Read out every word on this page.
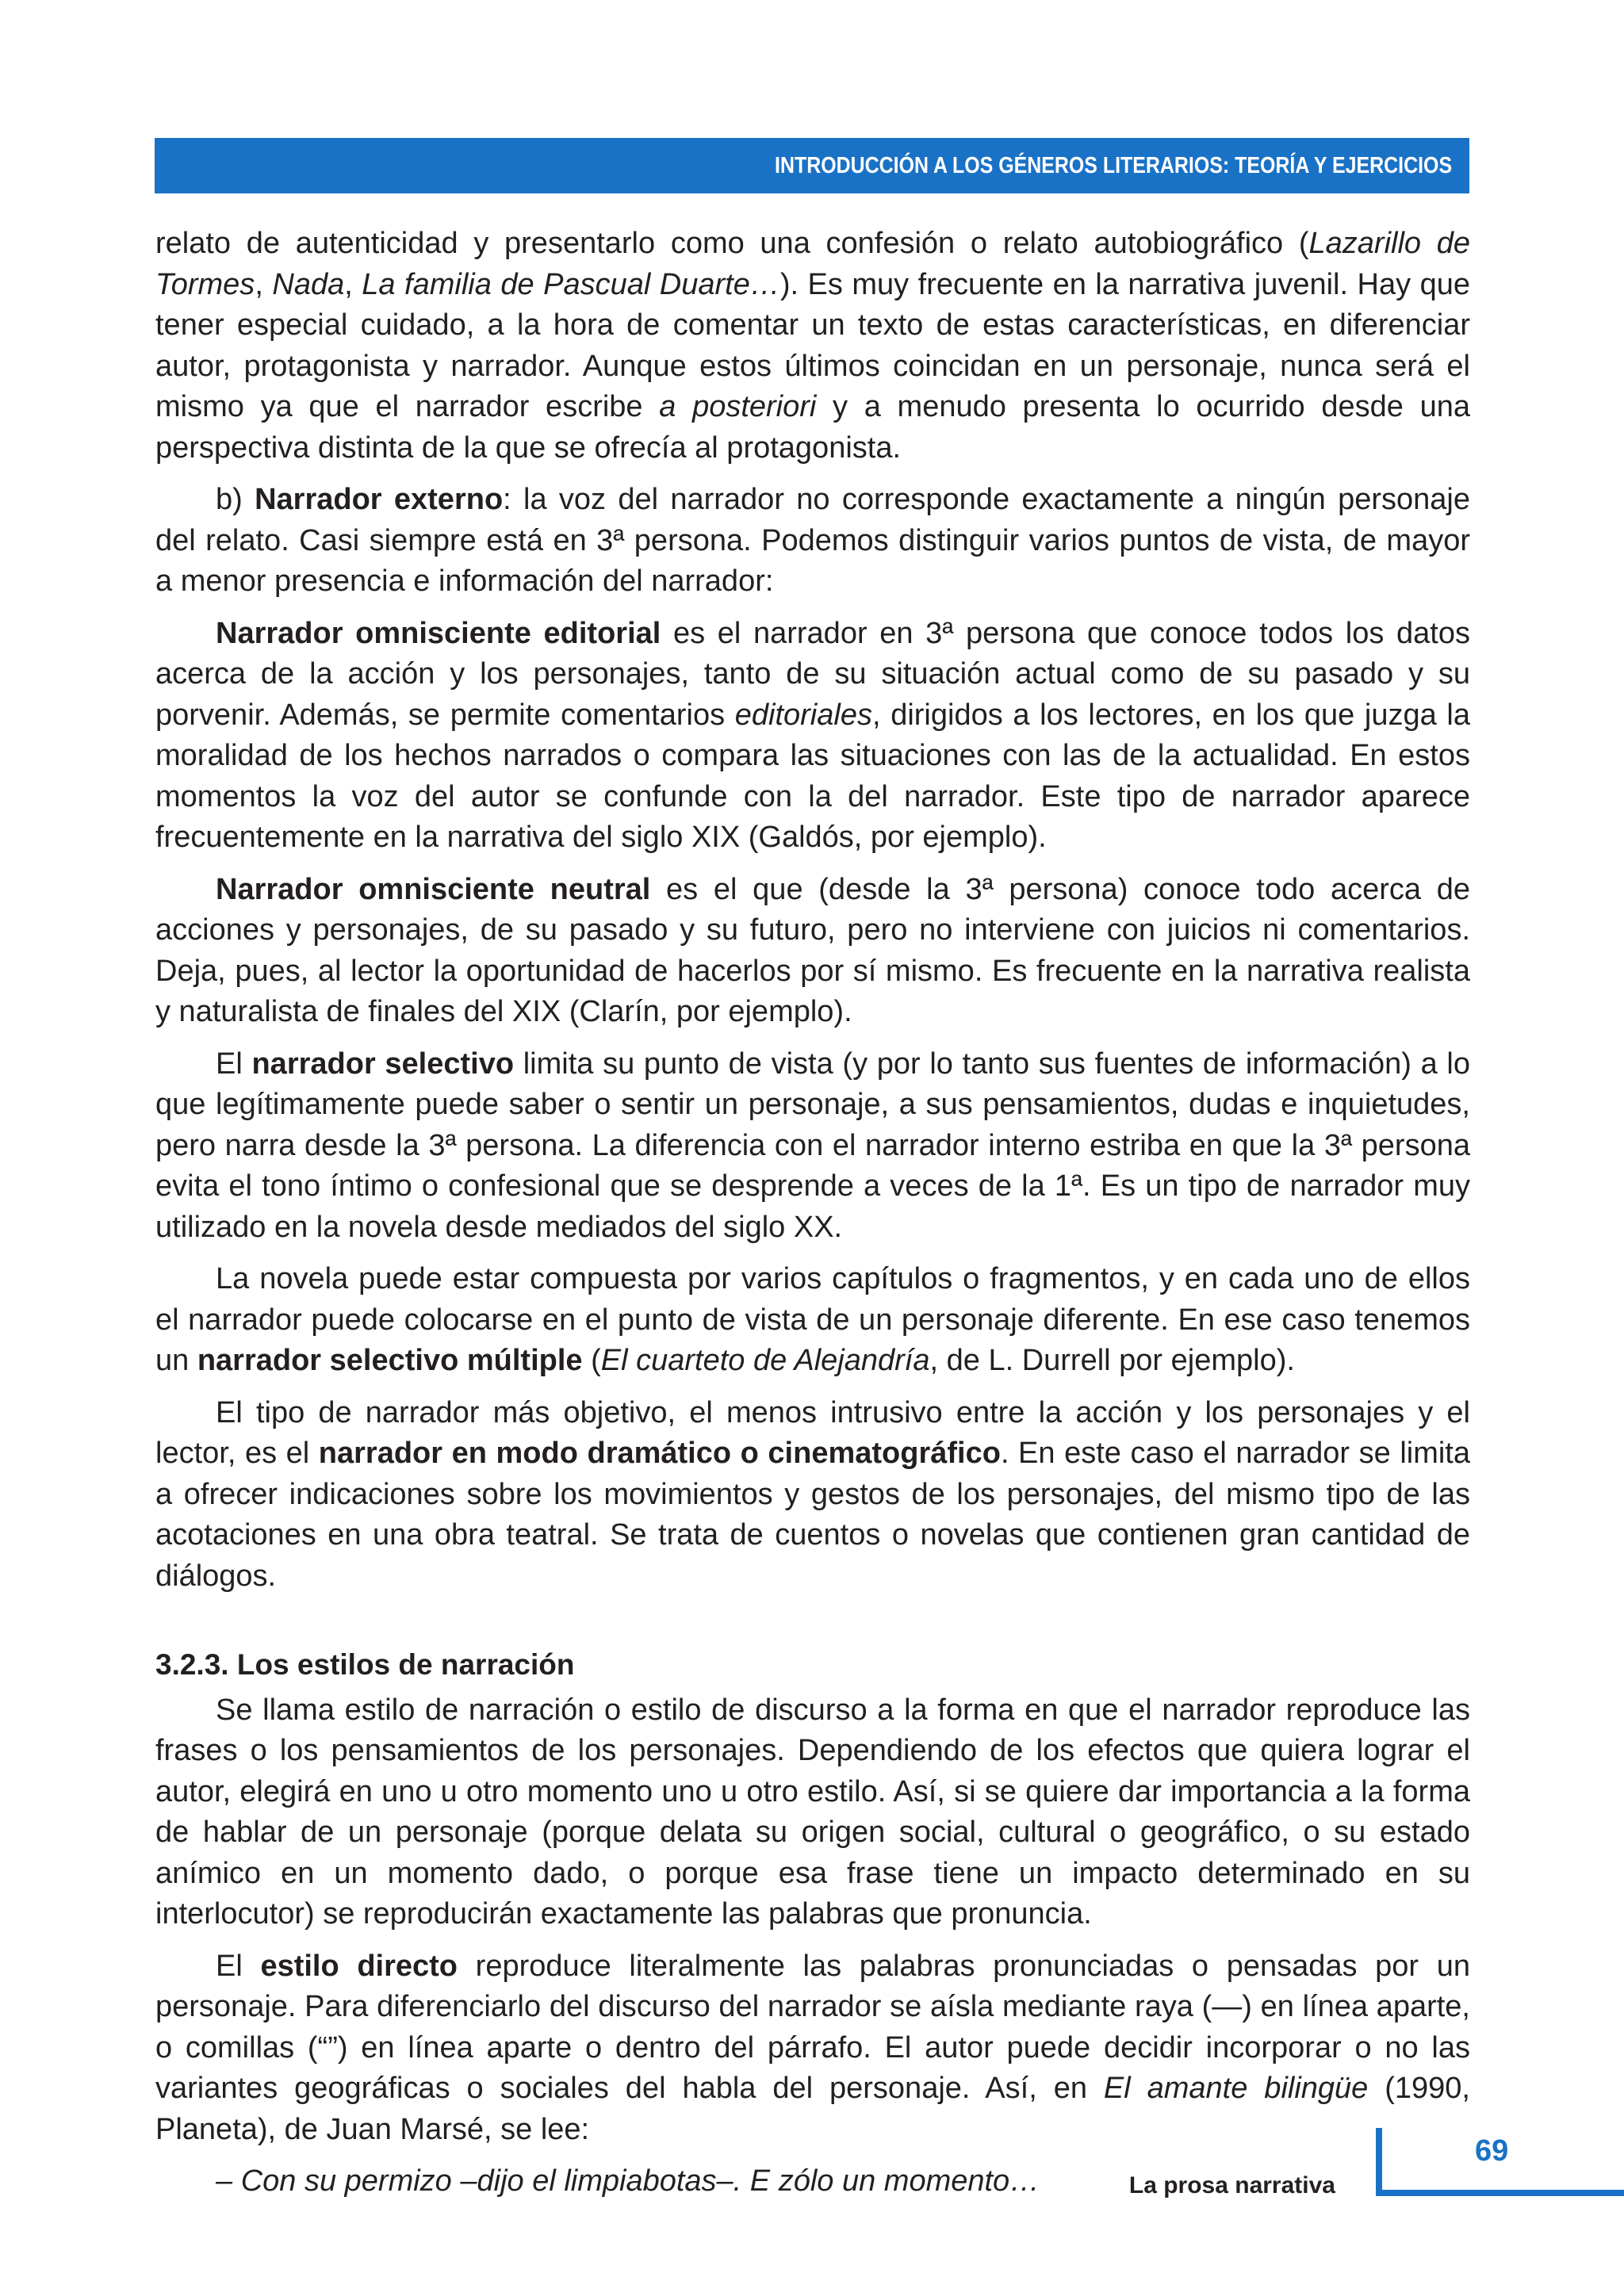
INTRODUCCIÓN A LOS GÉNEROS LITERARIOS: TEORÍA Y EJERCICIOS

relato de autenticidad y presentarlo como una confesión o relato autobiográfico (Lazarillo de Tormes, Nada, La familia de Pascual Duarte…). Es muy frecuente en la narrativa juvenil. Hay que tener especial cuidado, a la hora de comentar un texto de estas características, en diferenciar autor, protagonista y narrador. Aunque estos últimos coincidan en un personaje, nunca será el mismo ya que el narrador escribe a posteriori y a menudo presenta lo ocurrido desde una perspectiva distinta de la que se ofrecía al protagonista.

b) Narrador externo: la voz del narrador no corresponde exactamente a ningún personaje del relato. Casi siempre está en 3ª persona. Podemos distinguir varios puntos de vista, de mayor a menor presencia e información del narrador:

Narrador omnisciente editorial es el narrador en 3ª persona que conoce todos los datos acerca de la acción y los personajes, tanto de su situación actual como de su pasado y su porvenir. Además, se permite comentarios editoriales, dirigidos a los lectores, en los que juzga la moralidad de los hechos narrados o compara las situaciones con las de la actualidad. En estos momentos la voz del autor se confunde con la del narrador. Este tipo de narrador aparece frecuentemente en la narrativa del siglo XIX (Galdós, por ejemplo).

Narrador omnisciente neutral es el que (desde la 3ª persona) conoce todo acerca de acciones y personajes, de su pasado y su futuro, pero no interviene con juicios ni comentarios. Deja, pues, al lector la oportunidad de hacerlos por sí mismo. Es frecuente en la narrativa realista y naturalista de finales del XIX (Clarín, por ejemplo).

El narrador selectivo limita su punto de vista (y por lo tanto sus fuentes de información) a lo que legítimamente puede saber o sentir un personaje, a sus pensamientos, dudas e inquietudes, pero narra desde la 3ª persona. La diferencia con el narrador interno estriba en que la 3ª persona evita el tono íntimo o confesional que se desprende a veces de la 1ª. Es un tipo de narrador muy utilizado en la novela desde mediados del siglo XX.

La novela puede estar compuesta por varios capítulos o fragmentos, y en cada uno de ellos el narrador puede colocarse en el punto de vista de un personaje diferente. En ese caso tenemos un narrador selectivo múltiple (El cuarteto de Alejandría, de L. Durrell por ejemplo).

El tipo de narrador más objetivo, el menos intrusivo entre la acción y los personajes y el lector, es el narrador en modo dramático o cinematográfico. En este caso el narrador se limita a ofrecer indicaciones sobre los movimientos y gestos de los personajes, del mismo tipo de las acotaciones en una obra teatral. Se trata de cuentos o novelas que contienen gran cantidad de diálogos.

3.2.3. Los estilos de narración

Se llama estilo de narración o estilo de discurso a la forma en que el narrador reproduce las frases o los pensamientos de los personajes. Dependiendo de los efectos que quiera lograr el autor, elegirá en uno u otro momento uno u otro estilo. Así, si se quiere dar importancia a la forma de hablar de un personaje (porque delata su origen social, cultural o geográfico, o su estado anímico en un momento dado, o porque esa frase tiene un impacto determinado en su interlocutor) se reproducirán exactamente las palabras que pronuncia.

El estilo directo reproduce literalmente las palabras pronunciadas o pensadas por un personaje. Para diferenciarlo del discurso del narrador se aísla mediante raya (—) en línea aparte, o comillas (“”) en línea aparte o dentro del párrafo. El autor puede decidir incorporar o no las variantes geográficas o sociales del habla del personaje. Así, en El amante bilingüe (1990, Planeta), de Juan Marsé, se lee:

– Con su permizo –dijo el limpiabotas–. E zólo un momento…

69
La prosa narrativa
